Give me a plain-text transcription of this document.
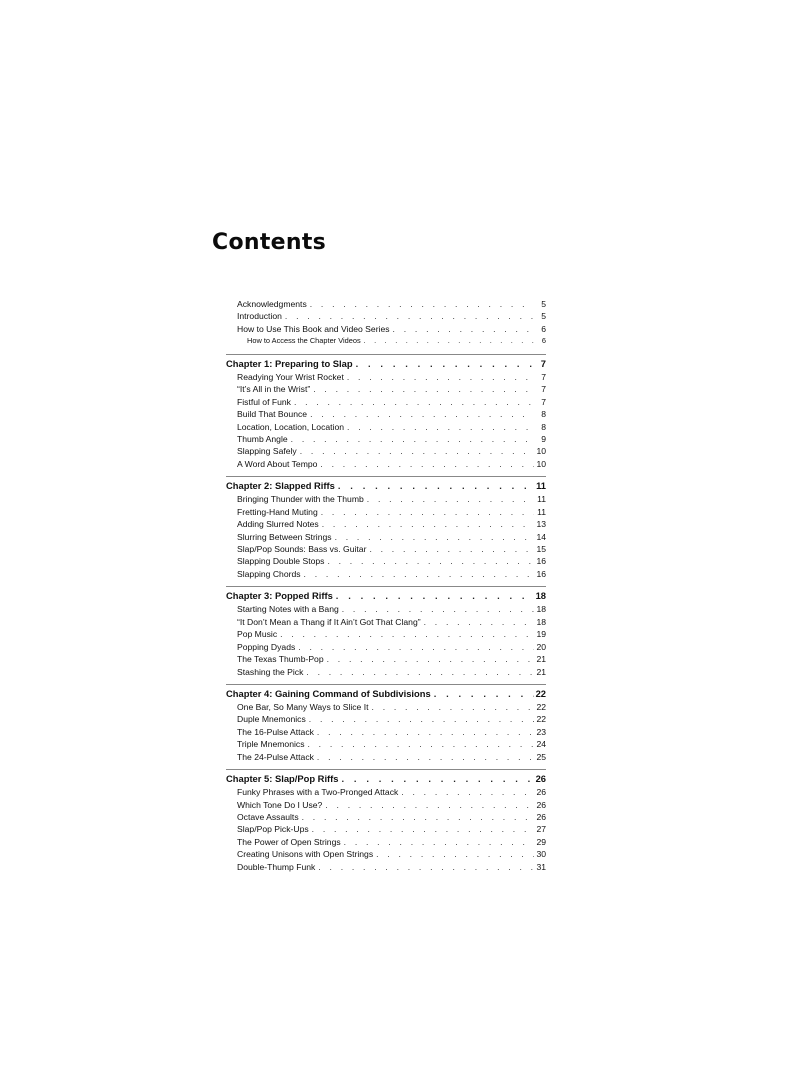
Contents
Acknowledgments . . .	5
Introduction . . .	5
How to Use This Book and Video Series . . .	6
How to Access the Chapter Videos . . .	6
Chapter 1: Preparing to Slap . . .	7
Readying Your Wrist Rocket . . .	7
“It’s All in the Wrist” . . .	7
Fistful of Funk . . .	7
Build That Bounce . . .	8
Location, Location, Location . . .	8
Thumb Angle . . .	9
Slapping Safely . . .	10
A Word About Tempo . . .	10
Chapter 2: Slapped Riffs . . .	11
Bringing Thunder with the Thumb . . .	11
Fretting-Hand Muting . . .	11
Adding Slurred Notes . . .	13
Slurring Between Strings . . .	14
Slap/Pop Sounds: Bass vs. Guitar . . .	15
Slapping Double Stops . . .	16
Slapping Chords . . .	16
Chapter 3: Popped Riffs . . .	18
Starting Notes with a Bang . . .	18
“It Don’t Mean a Thang if It Ain’t Got That Clang” . . .	18
Pop Music . . .	19
Popping Dyads . . .	20
The Texas Thumb-Pop . . .	21
Stashing the Pick . . .	21
Chapter 4: Gaining Command of Subdivisions . . .	22
One Bar, So Many Ways to Slice It . . .	22
Duple Mnemonics . . .	22
The 16-Pulse Attack . . .	23
Triple Mnemonics . . .	24
The 24-Pulse Attack . . .	25
Chapter 5: Slap/Pop Riffs . . .	26
Funky Phrases with a Two-Pronged Attack . . .	26
Which Tone Do I Use? . . .	26
Octave Assaults . . .	26
Slap/Pop Pick-Ups . . .	27
The Power of Open Strings . . .	29
Creating Unisons with Open Strings . . .	30
Double-Thump Funk . . .	31
